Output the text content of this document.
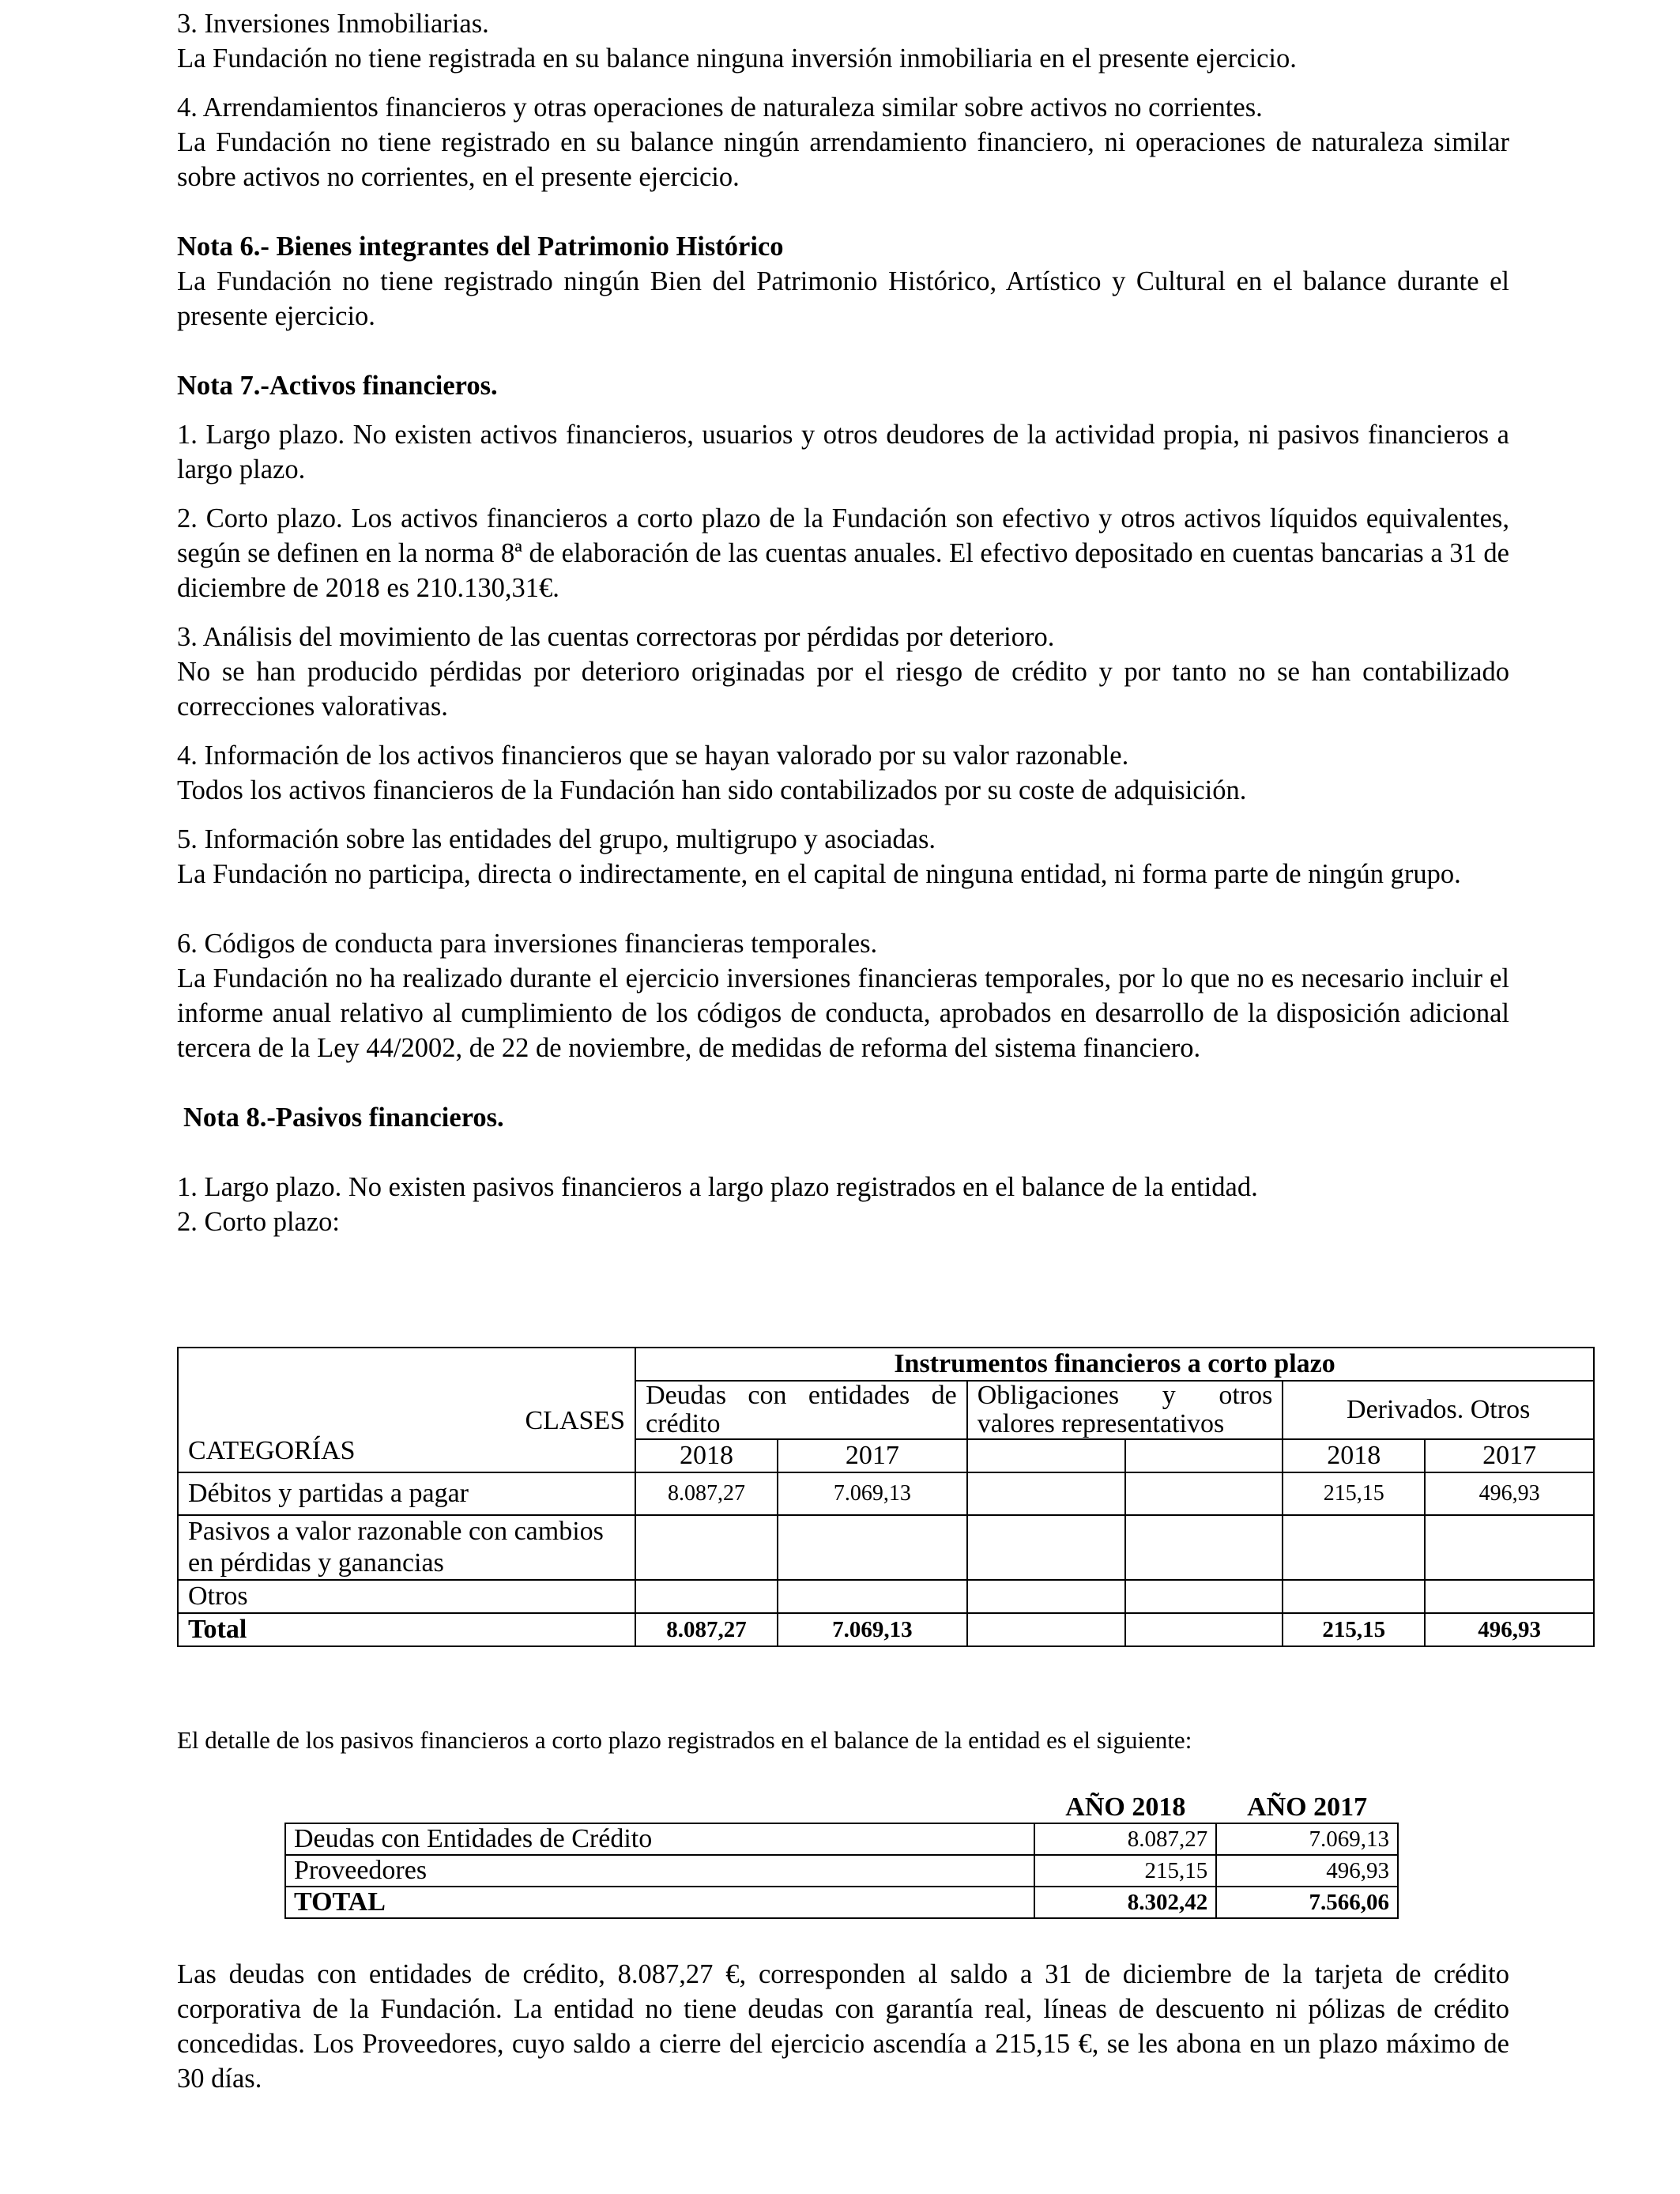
3. Inversiones Inmobiliarias.

La Fundación no tiene registrada en su balance ninguna inversión inmobiliaria en el presente ejercicio.

4. Arrendamientos financieros y otras operaciones de naturaleza similar sobre activos no corrientes.

La Fundación no tiene registrado en su balance ningún arrendamiento financiero, ni operaciones de naturaleza similar sobre activos no corrientes, en el presente ejercicio.

Nota 6.- Bienes integrantes del Patrimonio Histórico

La Fundación no tiene registrado ningún Bien del Patrimonio Histórico, Artístico y Cultural en el balance durante el presente ejercicio.

Nota 7.-Activos financieros.

1. Largo plazo. No existen activos financieros, usuarios y otros deudores de la actividad propia, ni pasivos financieros a largo plazo.

2. Corto plazo. Los activos financieros a corto plazo de la Fundación son efectivo y otros activos líquidos equivalentes, según se definen en la norma 8ª de elaboración de las cuentas anuales. El efectivo depositado en cuentas bancarias a 31 de diciembre de 2018 es 210.130,31€.

3. Análisis del movimiento de las cuentas correctoras por pérdidas por deterioro.

No se han producido pérdidas por deterioro originadas por el riesgo de crédito y por tanto no se han contabilizado correcciones valorativas.

4. Información de los activos financieros que se hayan valorado por su valor razonable.

Todos los activos financieros de la Fundación han sido contabilizados por su coste de adquisición.

5. Información sobre las entidades del grupo, multigrupo y asociadas.

La Fundación no participa, directa o indirectamente, en el capital de ninguna entidad, ni forma parte de ningún grupo.

6. Códigos de conducta para inversiones financieras temporales.

La Fundación no ha realizado durante el ejercicio inversiones financieras temporales, por lo que no es necesario incluir el informe anual relativo al cumplimiento de los códigos de conducta, aprobados en desarrollo de la disposición adicional tercera de la Ley 44/2002, de 22 de noviembre, de medidas de reforma del sistema financiero.

Nota 8.-Pasivos financieros.

1. Largo plazo. No existen pasivos financieros a largo plazo registrados en el balance de la entidad.

2. Corto plazo:

CLASES
CATEGORÍAS	Instrumentos financieros a corto plazo					
	Deudas con entidades de crédito		Obligaciones y otros valores representativos		Derivados. Otros	
	2018	2017			2018	2017
Débitos y partidas a pagar	8.087,27	7.069,13			215,15	496,93
Pasivos a valor razonable con cambios en pérdidas y ganancias						
Otros						
Total	8.087,27	7.069,13			215,15	496,93

El detalle de los pasivos financieros a corto plazo registrados en el balance de la entidad es el siguiente:

	AÑO 2018	AÑO 2017
Deudas con Entidades de Crédito	8.087,27	7.069,13
Proveedores	215,15	496,93
TOTAL	8.302,42	7.566,06

Las deudas con entidades de crédito, 8.087,27 €, corresponden al saldo a 31 de diciembre de la tarjeta de crédito corporativa de la Fundación. La entidad no tiene deudas con garantía real, líneas de descuento ni pólizas de crédito concedidas. Los Proveedores, cuyo saldo a cierre del ejercicio ascendía a 215,15 €, se les abona en un plazo máximo de 30 días.
